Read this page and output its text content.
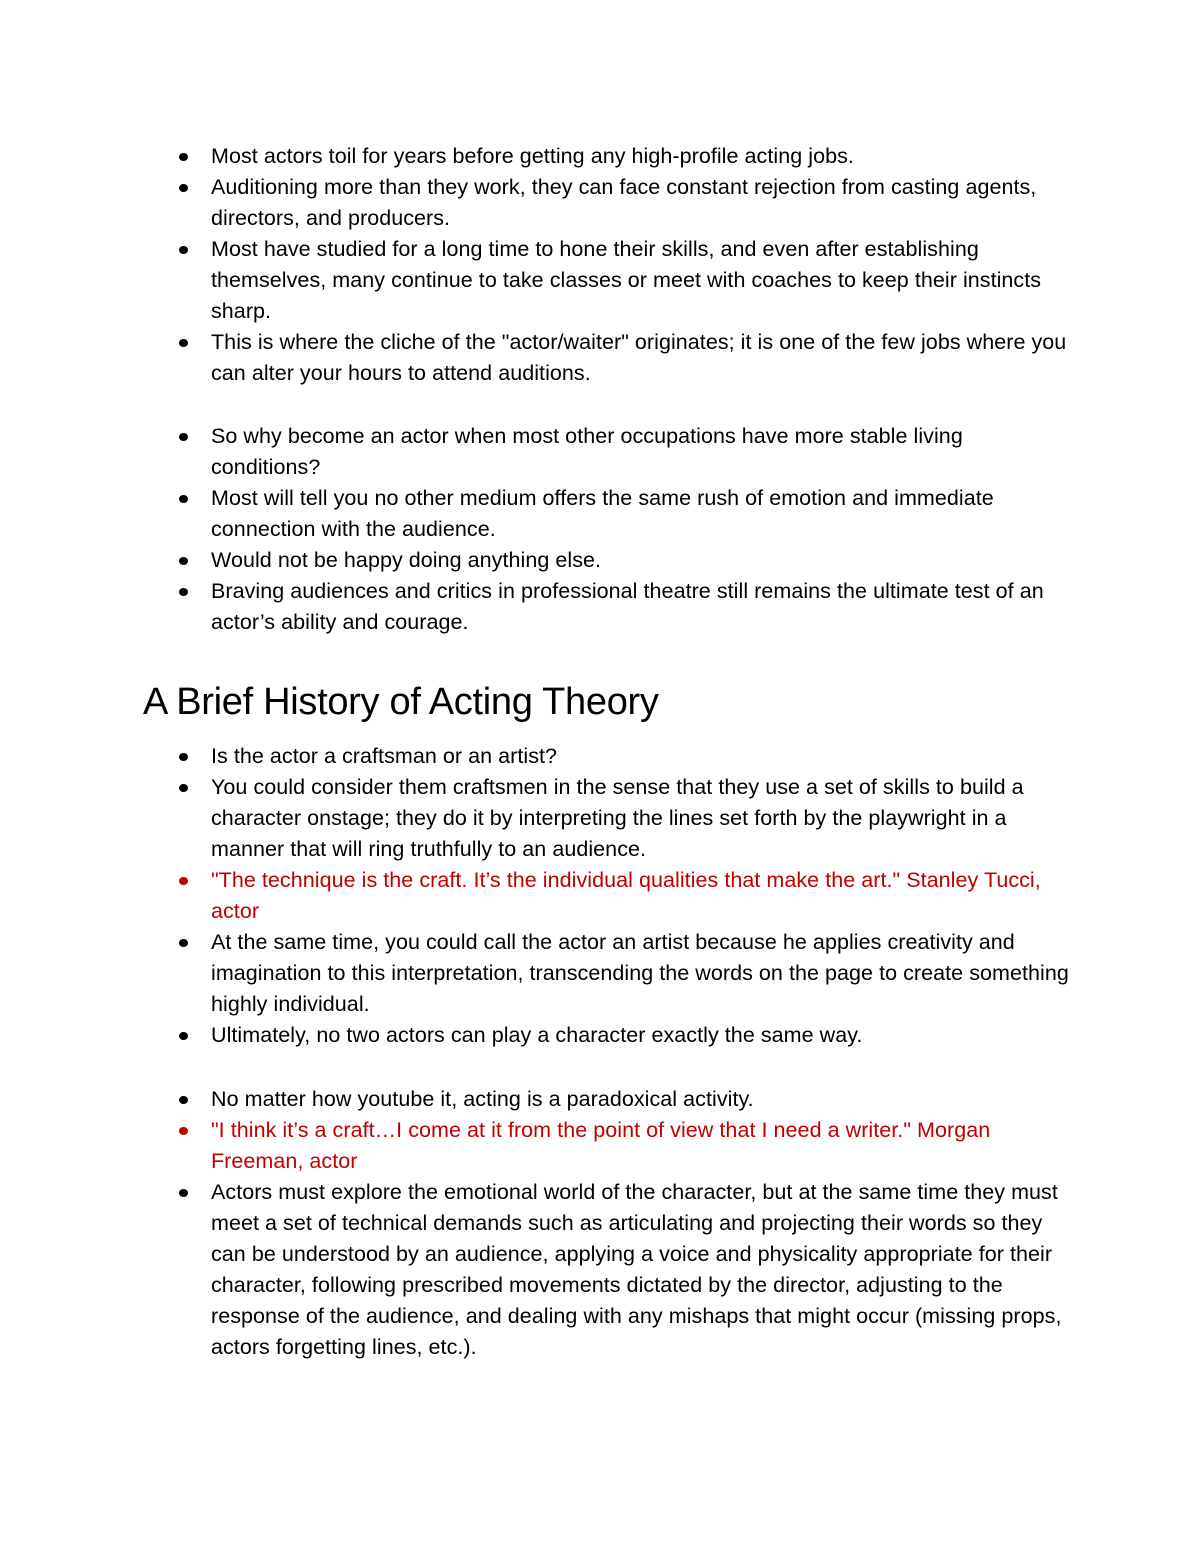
Most actors toil for years before getting any high-profile acting jobs.
Auditioning more than they work, they can face constant rejection from casting agents, directors, and producers.
Most have studied for a long time to hone their skills, and even after establishing themselves, many continue to take classes or meet with coaches to keep their instincts sharp.
This is where the cliche of the "actor/waiter" originates; it is one of the few jobs where you can alter your hours to attend auditions.
So why become an actor when most other occupations have more stable living conditions?
Most will tell you no other medium offers the same rush of emotion and immediate connection with the audience.
Would not be happy doing anything else.
Braving audiences and critics in professional theatre still remains the ultimate test of an actor’s ability and courage.
A Brief History of Acting Theory
Is the actor a craftsman or an artist?
You could consider them craftsmen in the sense that they use a set of skills to build a character onstage; they do it by interpreting the lines set forth by the playwright in a manner that will ring truthfully to an audience.
"The technique is the craft. It’s the individual qualities that make the art." Stanley Tucci, actor
At the same time, you could call the actor an artist because he applies creativity and imagination to this interpretation, transcending the words on the page to create something highly individual.
Ultimately, no two actors can play a character exactly the same way.
No matter how youtube it, acting is a paradoxical activity.
"I think it’s a craft…I come at it from the point of view that I need a writer." Morgan Freeman, actor
Actors must explore the emotional world of the character, but at the same time they must meet a set of technical demands such as articulating and projecting their words so they can be understood by an audience, applying a voice and physicality appropriate for their character, following prescribed movements dictated by the director, adjusting to the response of the audience, and dealing with any mishaps that might occur (missing props, actors forgetting lines, etc.).
